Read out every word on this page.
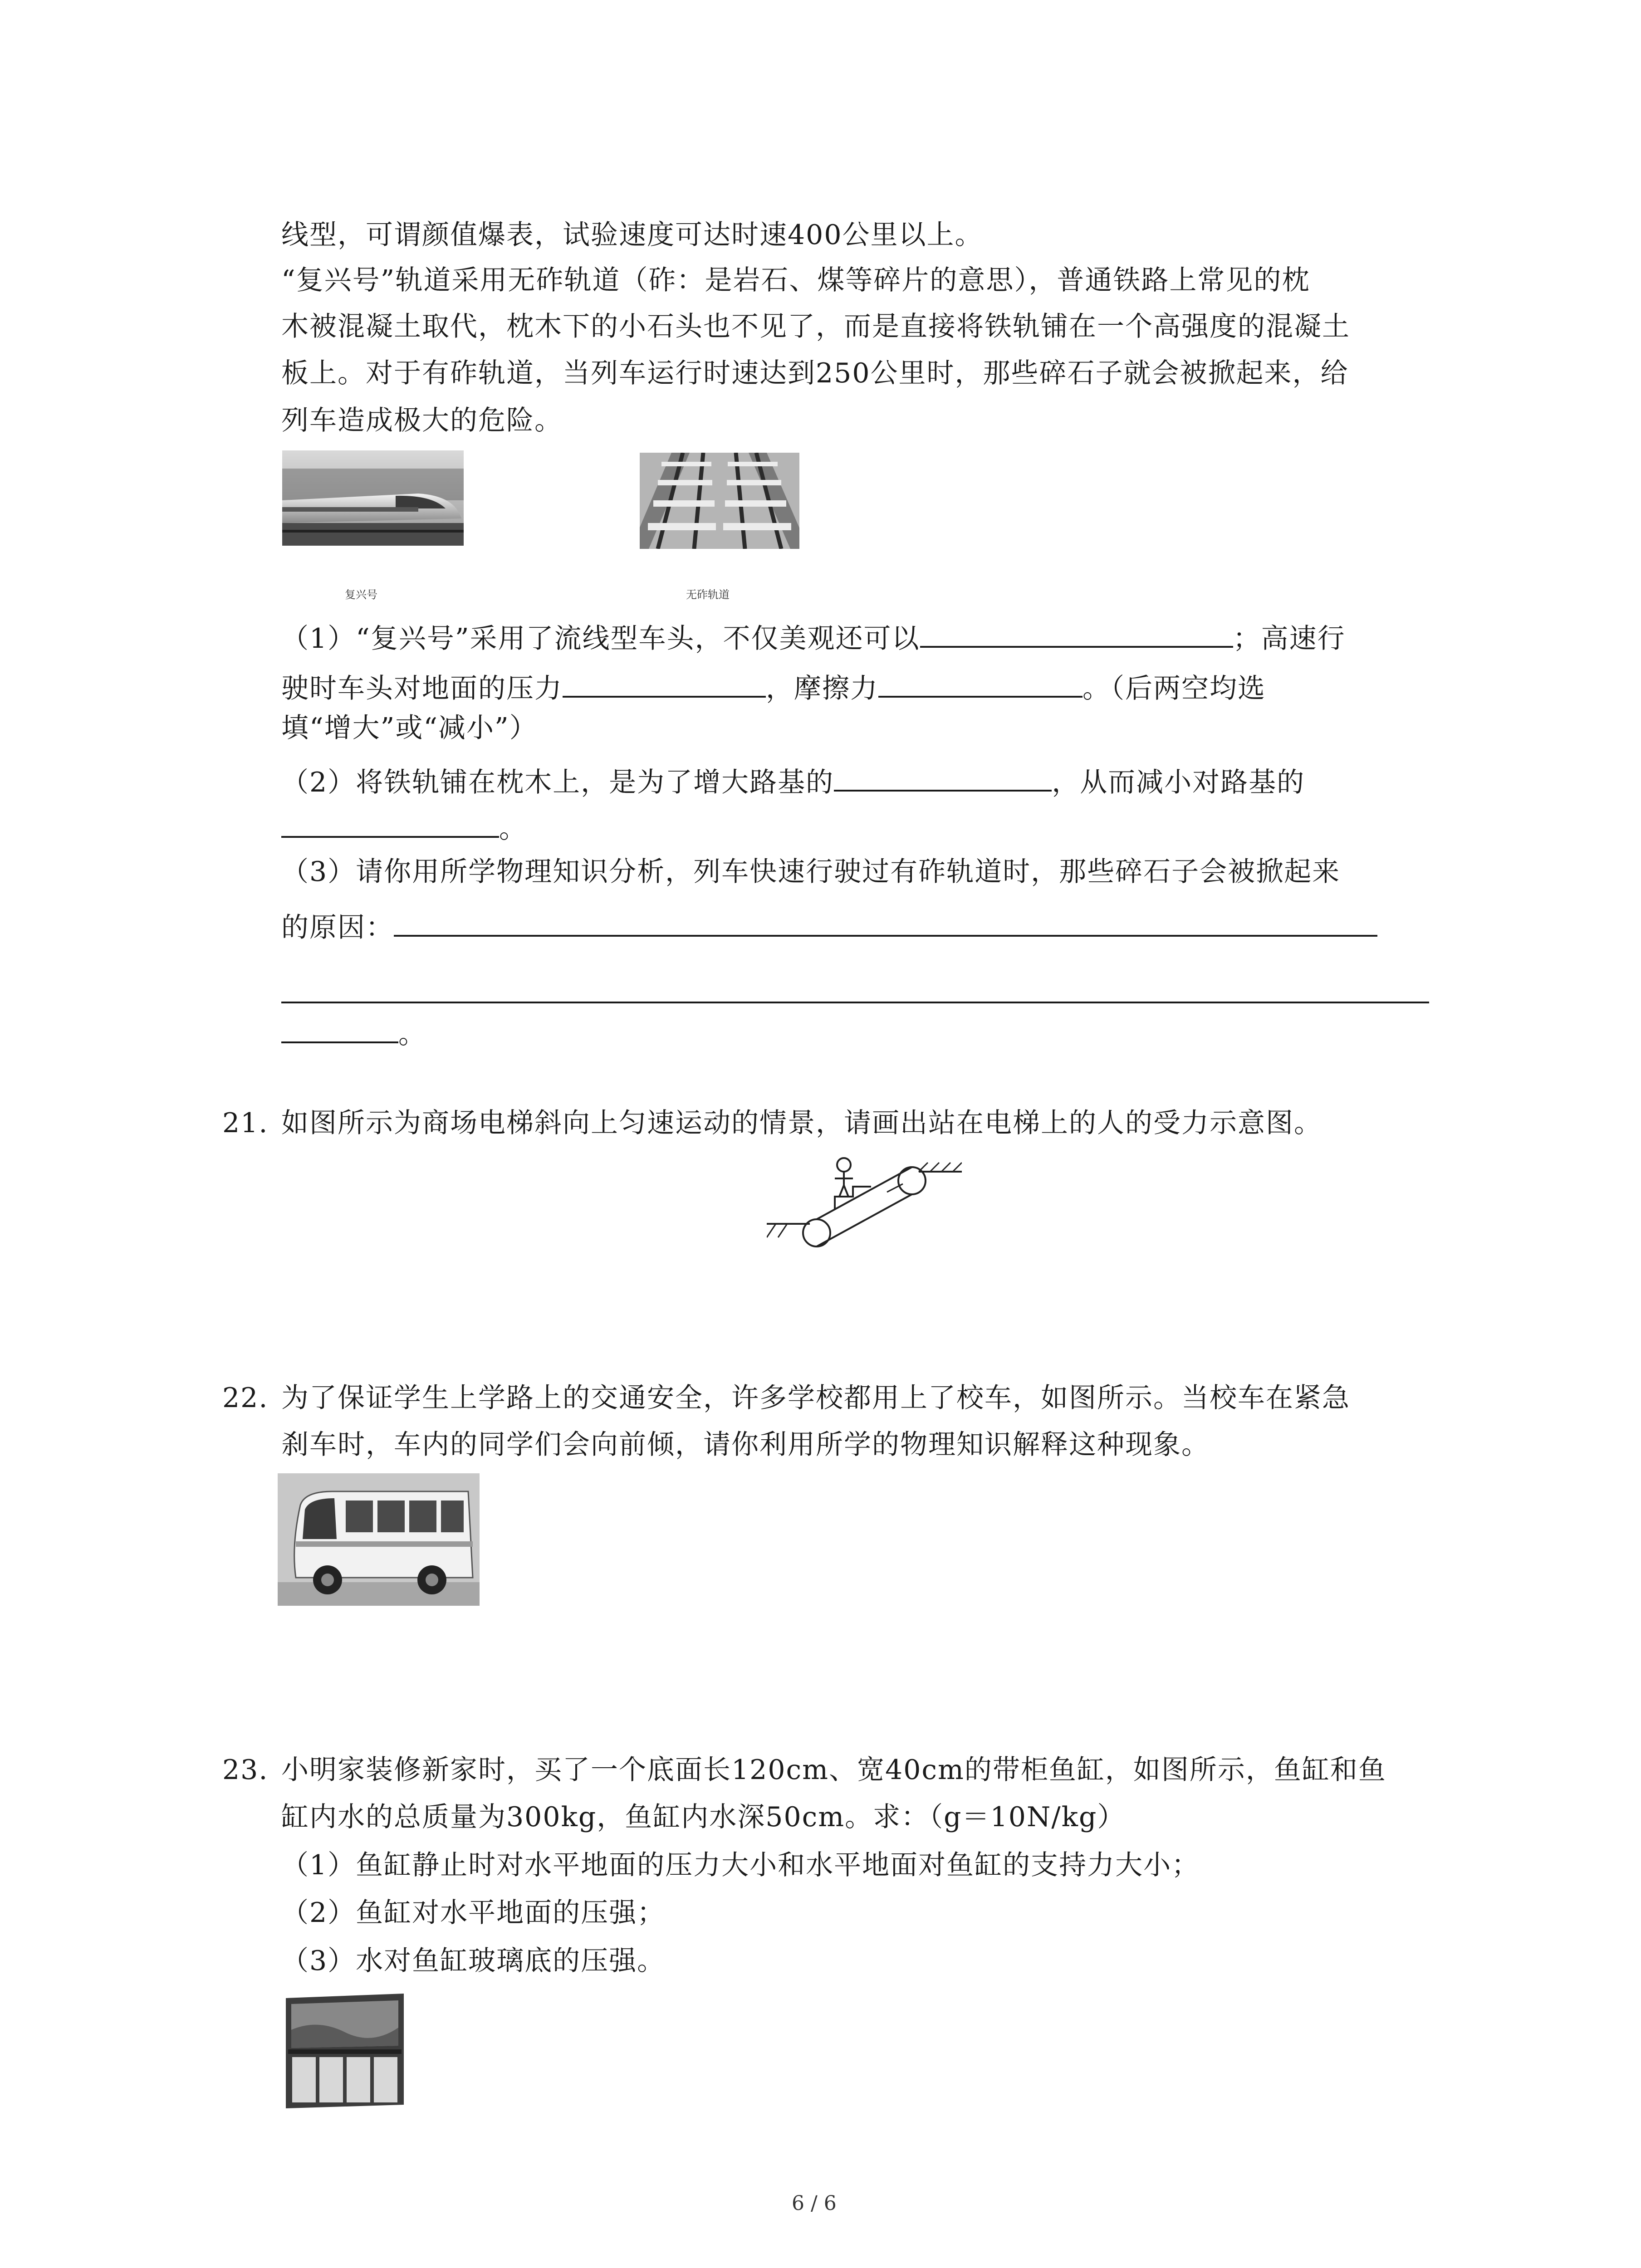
线型，可谓颜值爆表，试验速度可达时速400公里以上。
“复兴号”轨道采用无砟轨道（砟：是岩石、煤等碎片的意思），普通铁路上常见的枕
木被混凝土取代，枕木下的小石头也不见了，而是直接将铁轨铺在一个高强度的混凝土
板上。对于有砟轨道，当列车运行时速达到250公里时，那些碎石子就会被掀起来，给
列车造成极大的危险。
复兴号	无砟轨道
（1）“复兴号”采用了流线型车头，不仅美观还可以	；高速行
驶时车头对地面的压力	，摩擦力	。（后两空均选
填“增大”或“减小”）
（2）将铁轨铺在枕木上，是为了增大路基的	，从而减小对路基的
。
（3）请你用所学物理知识分析，列车快速行驶过有砟轨道时，那些碎石子会被掀起来
的原因：
。
21. 如图所示为商场电梯斜向上匀速运动的情景，请画出站在电梯上的人的受力示意图。
22. 为了保证学生上学路上的交通安全，许多学校都用上了校车，如图所示。当校车在紧急
刹车时，车内的同学们会向前倾，请你利用所学的物理知识解释这种现象。
23. 小明家装修新家时，买了一个底面长120cm、宽40cm的带柜鱼缸，如图所示，鱼缸和鱼
缸内水的总质量为300kg，鱼缸内水深50cm。求：（g＝10N/kg）
（1）鱼缸静止时对水平地面的压力大小和水平地面对鱼缸的支持力大小；
（2）鱼缸对水平地面的压强；
（3）水对鱼缸玻璃底的压强。
6 / 6
